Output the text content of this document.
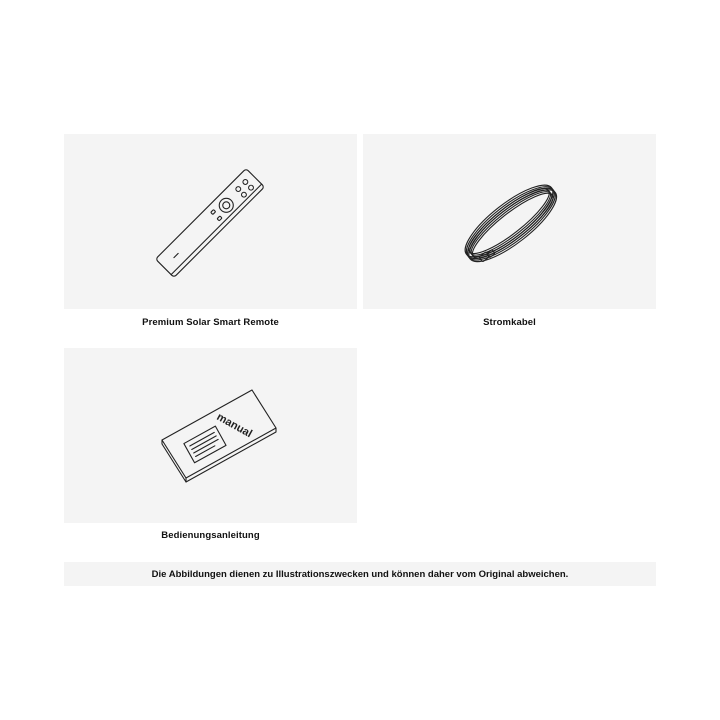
Premium Solar Smart Remote	Stromkabel
manual
Bedienungsanleitung
Die Abbildungen dienen zu Illustrationszwecken und können daher vom Original abweichen.
